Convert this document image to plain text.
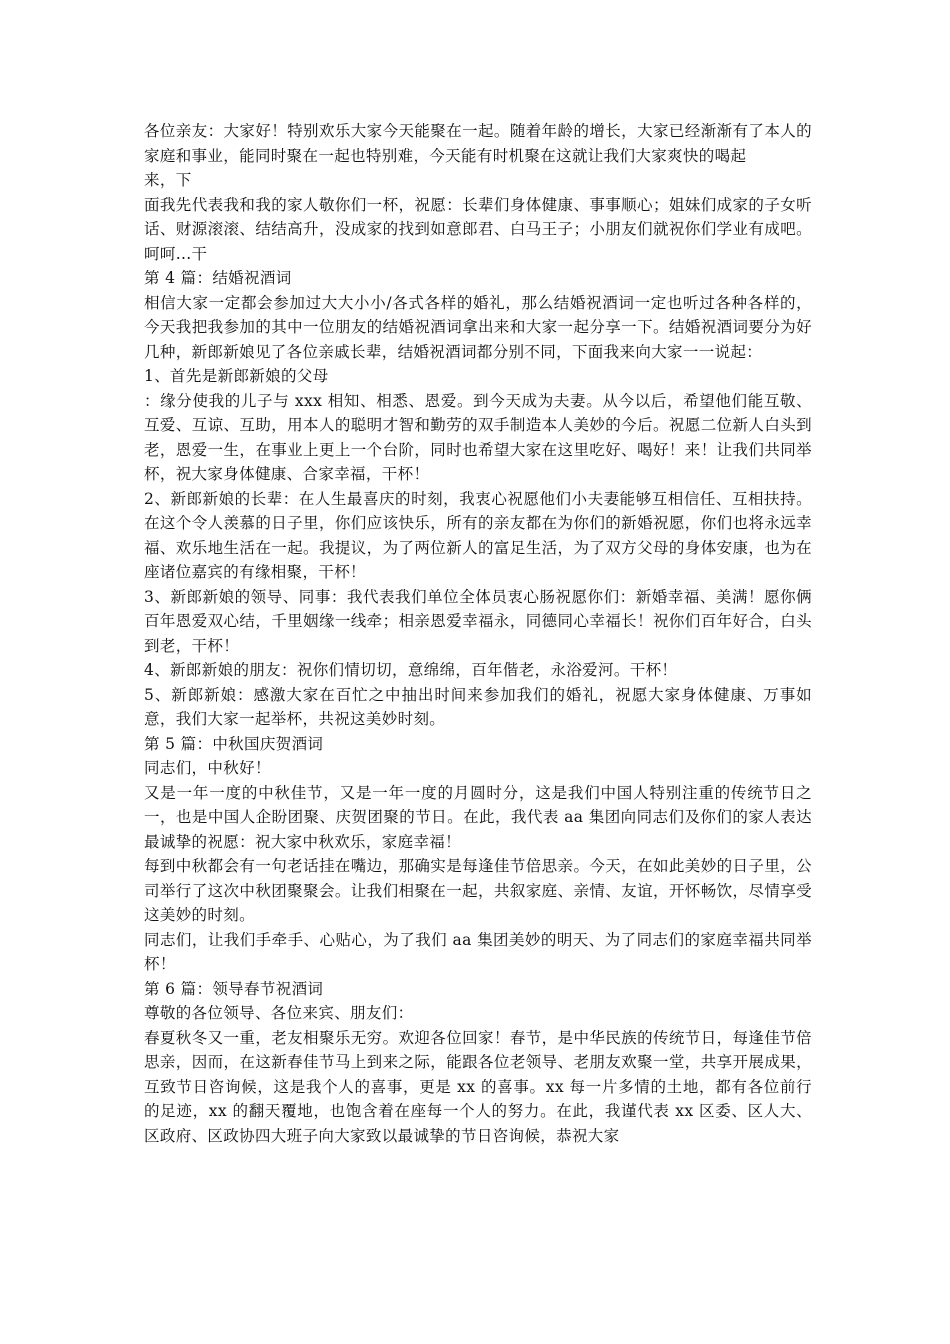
各位亲友：大家好！特别欢乐大家今天能聚在一起。随着年龄的增长，大家已经渐渐有了本人的家庭和事业，能同时聚在一起也特别难，今天能有时机聚在这就让我们大家爽快的喝起

来，下

面我先代表我和我的家人敬你们一杯，祝愿：长辈们身体健康、事事顺心；姐妹们成家的子女听话、财源滚滚、结结高升，没成家的找到如意郎君、白马王子；小朋友们就祝你们学业有成吧。呵呵...干

第 4 篇：结婚祝酒词

相信大家一定都会参加过大大小小/各式各样的婚礼，那么结婚祝酒词一定也听过各种各样的，今天我把我参加的其中一位朋友的结婚祝酒词拿出来和大家一起分享一下。结婚祝酒词要分为好几种，新郎新娘见了各位亲戚长辈，结婚祝酒词都分别不同，下面我来向大家一一说起：

1、首先是新郎新娘的父母

：缘分使我的儿子与 xxx 相知、相悉、恩爱。到今天成为夫妻。从今以后，希望他们能互敬、互爱、互谅、互助，用本人的聪明才智和勤劳的双手制造本人美妙的今后。祝愿二位新人白头到老，恩爱一生，在事业上更上一个台阶，同时也希望大家在这里吃好、喝好！来！让我们共同举杯，祝大家身体健康、合家幸福，干杯！

2、新郎新娘的长辈：在人生最喜庆的时刻，我衷心祝愿他们小夫妻能够互相信任、互相扶持。在这个令人羡慕的日子里，你们应该快乐，所有的亲友都在为你们的新婚祝愿，你们也将永远幸福、欢乐地生活在一起。我提议，为了两位新人的富足生活，为了双方父母的身体安康，也为在座诸位嘉宾的有缘相聚，干杯！

3、新郎新娘的领导、同事：我代表我们单位全体员衷心肠祝愿你们：新婚幸福、美满！愿你俩百年恩爱双心结，千里姻缘一线牵；相亲恩爱幸福永，同德同心幸福长！祝你们百年好合，白头到老，干杯！

4、新郎新娘的朋友：祝你们情切切，意绵绵，百年偕老，永浴爱河。干杯！

5、新郎新娘：感激大家在百忙之中抽出时间来参加我们的婚礼，祝愿大家身体健康、万事如意，我们大家一起举杯，共祝这美妙时刻。

第 5 篇：中秋国庆贺酒词

同志们，中秋好！

又是一年一度的中秋佳节，又是一年一度的月圆时分，这是我们中国人特别注重的传统节日之一，也是中国人企盼团聚、庆贺团聚的节日。在此，我代表 aa 集团向同志们及你们的家人表达最诚挚的祝愿：祝大家中秋欢乐，家庭幸福！

每到中秋都会有一句老话挂在嘴边，那确实是每逢佳节倍思亲。今天，在如此美妙的日子里，公司举行了这次中秋团聚聚会。让我们相聚在一起，共叙家庭、亲情、友谊，开怀畅饮，尽情享受这美妙的时刻。

同志们，让我们手牵手、心贴心，为了我们 aa 集团美妙的明天、为了同志们的家庭幸福共同举杯！

第 6 篇：领导春节祝酒词

尊敬的各位领导、各位来宾、朋友们：

春夏秋冬又一重，老友相聚乐无穷。欢迎各位回家！春节，是中华民族的传统节日，每逢佳节倍思亲，因而，在这新春佳节马上到来之际，能跟各位老领导、老朋友欢聚一堂，共享开展成果，互致节日咨询候，这是我个人的喜事，更是 xx 的喜事。xx 每一片多情的土地，都有各位前行的足迹，xx 的翻天覆地，也饱含着在座每一个人的努力。在此，我谨代表 xx 区委、区人大、区政府、区政协四大班子向大家致以最诚挚的节日咨询候，恭祝大家
